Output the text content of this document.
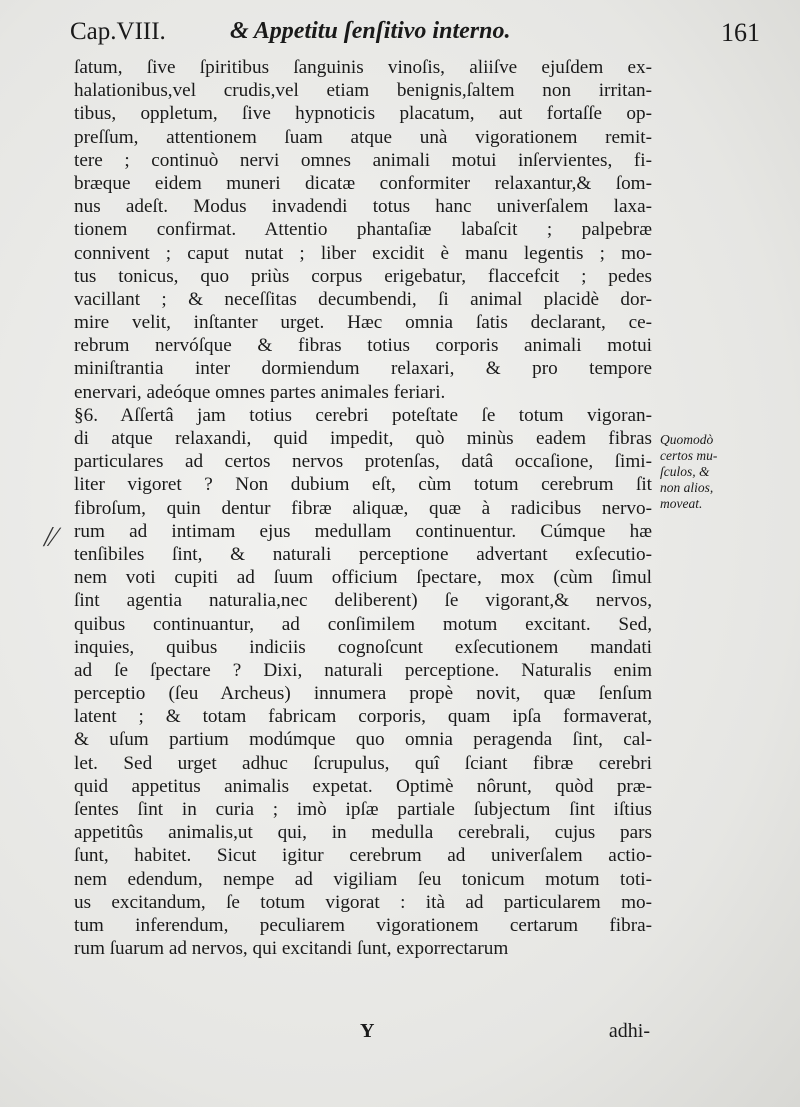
Cap.VIII.	& Appetitu ſenſitivo interno.	161
ſatum, ſive ſpiritibus ſanguinis vinoſis, aliiſve ejuſdem ex-
halationibus,vel crudis,vel etiam benignis,ſaltem non irritan-
tibus, oppletum, ſive hypnoticis placatum, aut fortaſſe op-
preſſum, attentionem ſuam atque unà vigorationem remit-
tere ; continuò nervi omnes animali motui inſervientes, fi-
bræque eidem muneri dicatæ conformiter relaxantur,& ſom-
nus adeſt. Modus invadendi totus hanc univerſalem laxa-
tionem confirmat. Attentio phantaſiæ labaſcit ; palpebræ
connivent ; caput nutat ; liber excidit è manu legentis ; mo-
tus tonicus, quo priùs corpus erigebatur, flaccefcit ; pedes
vacillant ; & neceſſitas decumbendi, ſi animal placidè dor-
mire velit, inſtanter urget. Hæc omnia ſatis declarant, ce-
rebrum nervóſque & fibras totius corporis animali motui
miniſtrantia inter dormiendum relaxari, & pro tempore
enervari, adeóque omnes partes animales feriari.
§6. Aſſertâ jam totius cerebri poteſtate ſe totum vigoran-
di atque relaxandi, quid impedit, quò minùs eadem fibras
particulares ad certos nervos protenſas, datâ occaſione, ſimi-
liter vigoret ? Non dubium eſt, cùm totum cerebrum ſit
fibroſum, quin dentur fibræ aliquæ, quæ à radicibus nervo-
rum ad intimam ejus medullam continuentur. Cúmque hæ
tenſibiles ſint, & naturali perceptione advertant exſecutio-
nem voti cupiti ad ſuum officium ſpectare, mox (cùm ſimul
ſint agentia naturalia,nec deliberent) ſe vigorant,& nervos,
quibus continuantur, ad conſimilem motum excitant. Sed,
inquies, quibus indiciis cognoſcunt exſecutionem mandati
ad ſe ſpectare ? Dixi, naturali perceptione. Naturalis enim
perceptio (ſeu Archeus) innumera propè novit, quæ ſenſum
latent ; & totam fabricam corporis, quam ipſa formaverat,
& uſum partium modúmque quo omnia peragenda ſint, cal-
let. Sed urget adhuc ſcrupulus, quî ſciant fibræ cerebri
quid appetitus animalis expetat. Optimè nôrunt, quòd præ-
ſentes ſint in curia ; imò ipſæ partiale ſubjectum ſint iſtius
appetitûs animalis,ut qui, in medulla cerebrali, cujus pars
ſunt, habitet. Sicut igitur cerebrum ad univerſalem actio-
nem edendum, nempe ad vigiliam ſeu tonicum motum toti-
us excitandum, ſe totum vigorat : ità ad particularem mo-
tum inferendum, peculiarem vigorationem certarum fibra-
rum ſuarum ad nervos, qui excitandi ſunt, exporrectarum
Quomodò
certos mu-
ſculos, &
non alios,
moveat.
/∕
Y	adhi-
